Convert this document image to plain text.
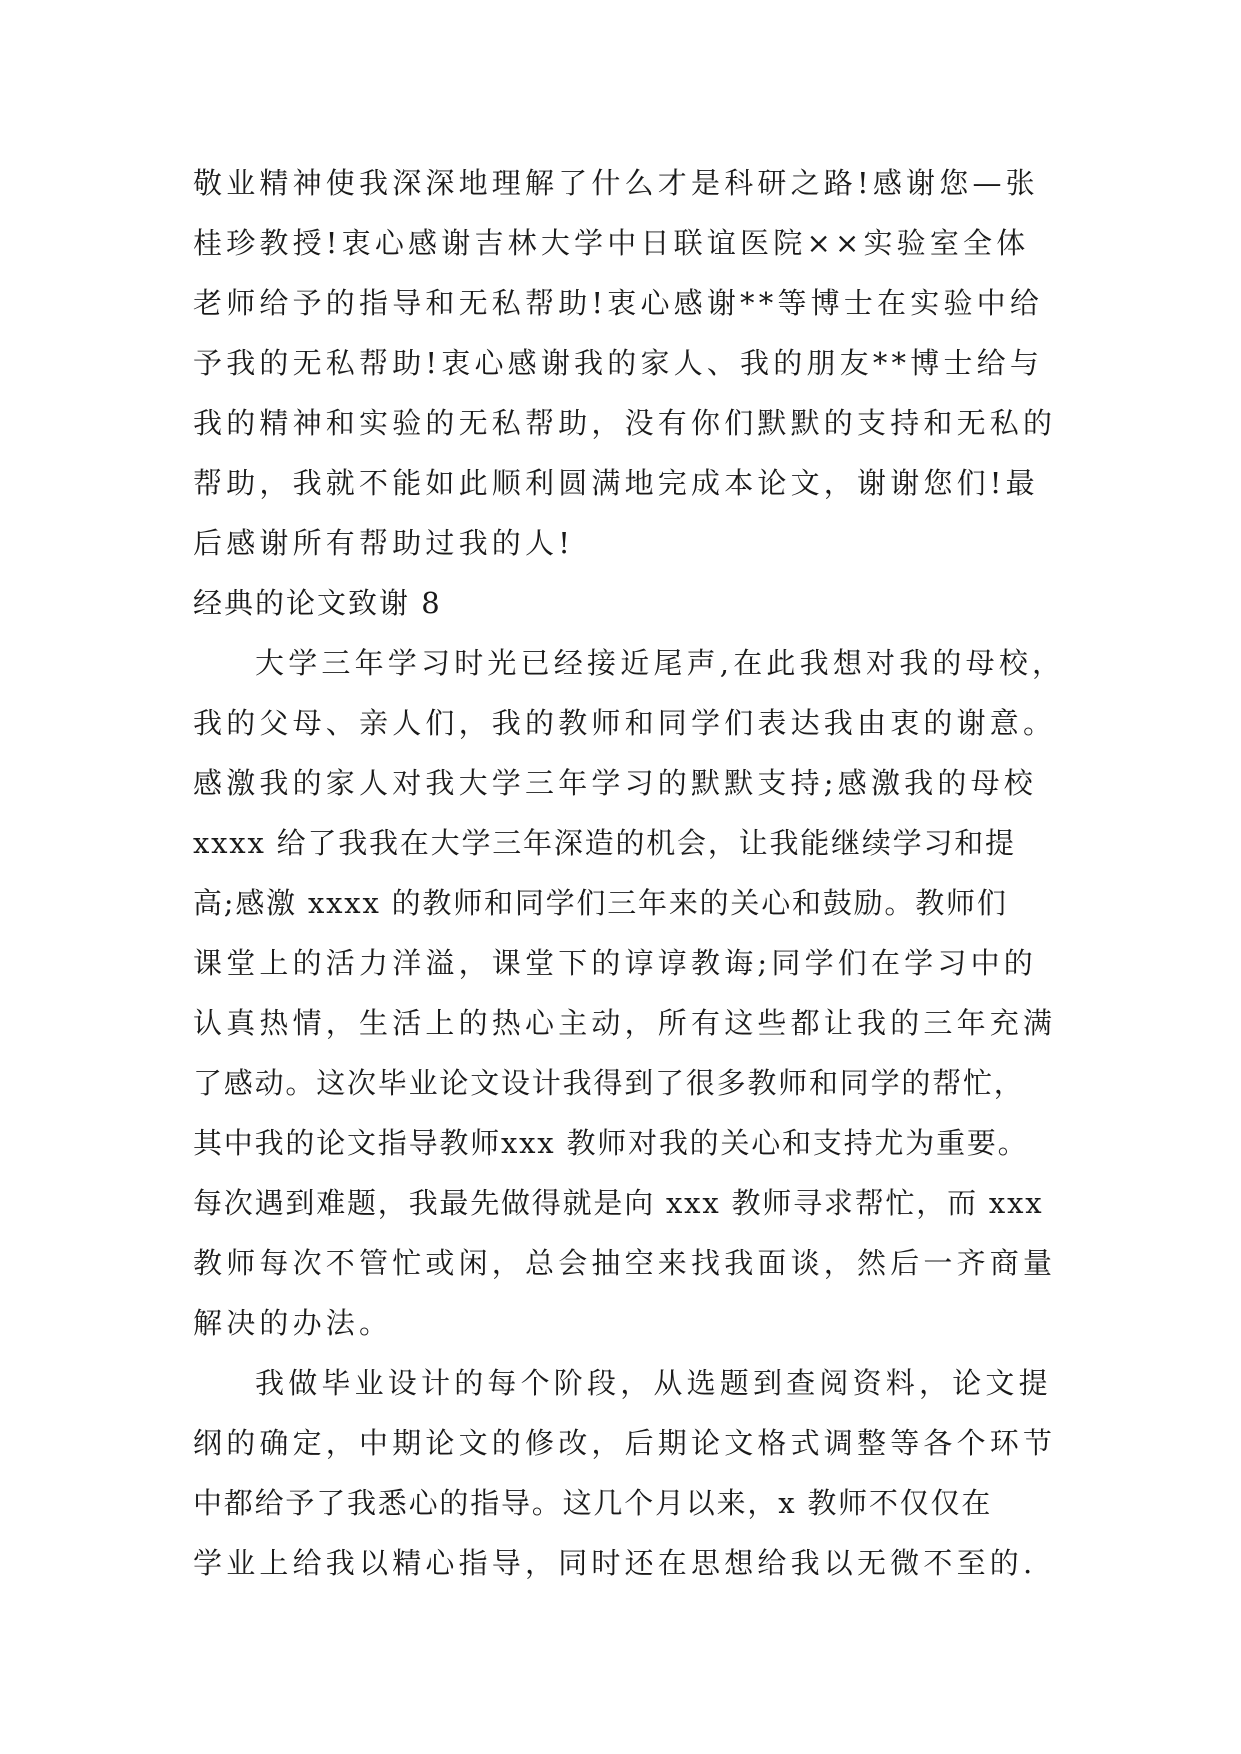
敬业精神使我深深地理解了什么才是科研之路!感谢您—张
桂珍教授!衷心感谢吉林大学中日联谊医院××实验室全体
老师给予的指导和无私帮助!衷心感谢**等博士在实验中给
予我的无私帮助!衷心感谢我的家人、我的朋友**博士给与
我的精神和实验的无私帮助，没有你们默默的支持和无私的
帮助，我就不能如此顺利圆满地完成本论文，谢谢您们!最
后感谢所有帮助过我的人!
经典的论文致谢 8
大学三年学习时光已经接近尾声,在此我想对我的母校，
我的父母、亲人们，我的教师和同学们表达我由衷的谢意。
感激我的家人对我大学三年学习的默默支持;感激我的母校
xxxx 给了我我在大学三年深造的机会，让我能继续学习和提
高;感激 xxxx 的教师和同学们三年来的关心和鼓励。教师们
课堂上的活力洋溢，课堂下的谆谆教诲;同学们在学习中的
认真热情，生活上的热心主动，所有这些都让我的三年充满
了感动。这次毕业论文设计我得到了很多教师和同学的帮忙，
其中我的论文指导教师xxx 教师对我的关心和支持尤为重要。
每次遇到难题，我最先做得就是向 xxx 教师寻求帮忙，而 xxx
教师每次不管忙或闲，总会抽空来找我面谈，然后一齐商量
解决的办法。
我做毕业设计的每个阶段，从选题到查阅资料，论文提
纲的确定，中期论文的修改，后期论文格式调整等各个环节
中都给予了我悉心的指导。这几个月以来，x 教师不仅仅在
学业上给我以精心指导，同时还在思想给我以无微不至的.
